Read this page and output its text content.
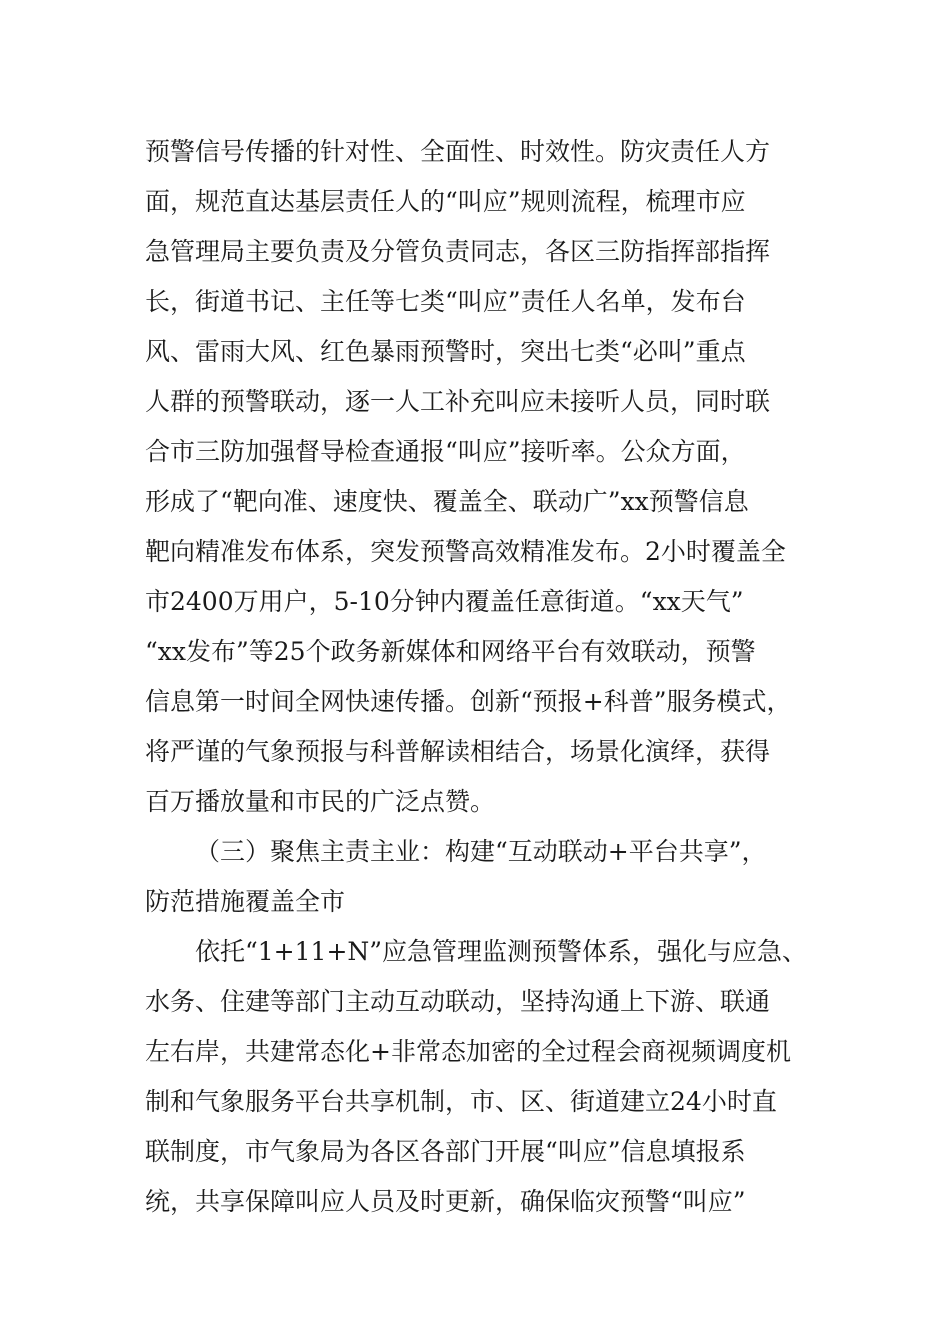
预警信号传播的针对性、全面性、时效性。防灾责任人方

面，规范直达基层责任人的“叫应”规则流程，梳理市应

急管理局主要负责及分管负责同志，各区三防指挥部指挥

长，街道书记、主任等七类“叫应”责任人名单，发布台

风、雷雨大风、红色暴雨预警时，突出七类“必叫”重点

人群的预警联动，逐一人工补充叫应未接听人员，同时联

合市三防加强督导检查通报“叫应”接听率。公众方面，

形成了“靶向准、速度快、覆盖全、联动广”xx预警信息

靶向精准发布体系，突发预警高效精准发布。2小时覆盖全

市2400万用户，5-10分钟内覆盖任意街道。“xx天气”

“xx发布”等25个政务新媒体和网络平台有效联动，预警

信息第一时间全网快速传播。创新“预报+科普”服务模式，

将严谨的气象预报与科普解读相结合，场景化演绎，获得

百万播放量和市民的广泛点赞。

（三）聚焦主责主业：构建“互动联动+平台共享”，

防范措施覆盖全市

依托“1+11+N”应急管理监测预警体系，强化与应急、

水务、住建等部门主动互动联动，坚持沟通上下游、联通

左右岸，共建常态化+非常态加密的全过程会商视频调度机

制和气象服务平台共享机制，市、区、街道建立24小时直

联制度，市气象局为各区各部门开展“叫应”信息填报系

统，共享保障叫应人员及时更新，确保临灾预警“叫应”
